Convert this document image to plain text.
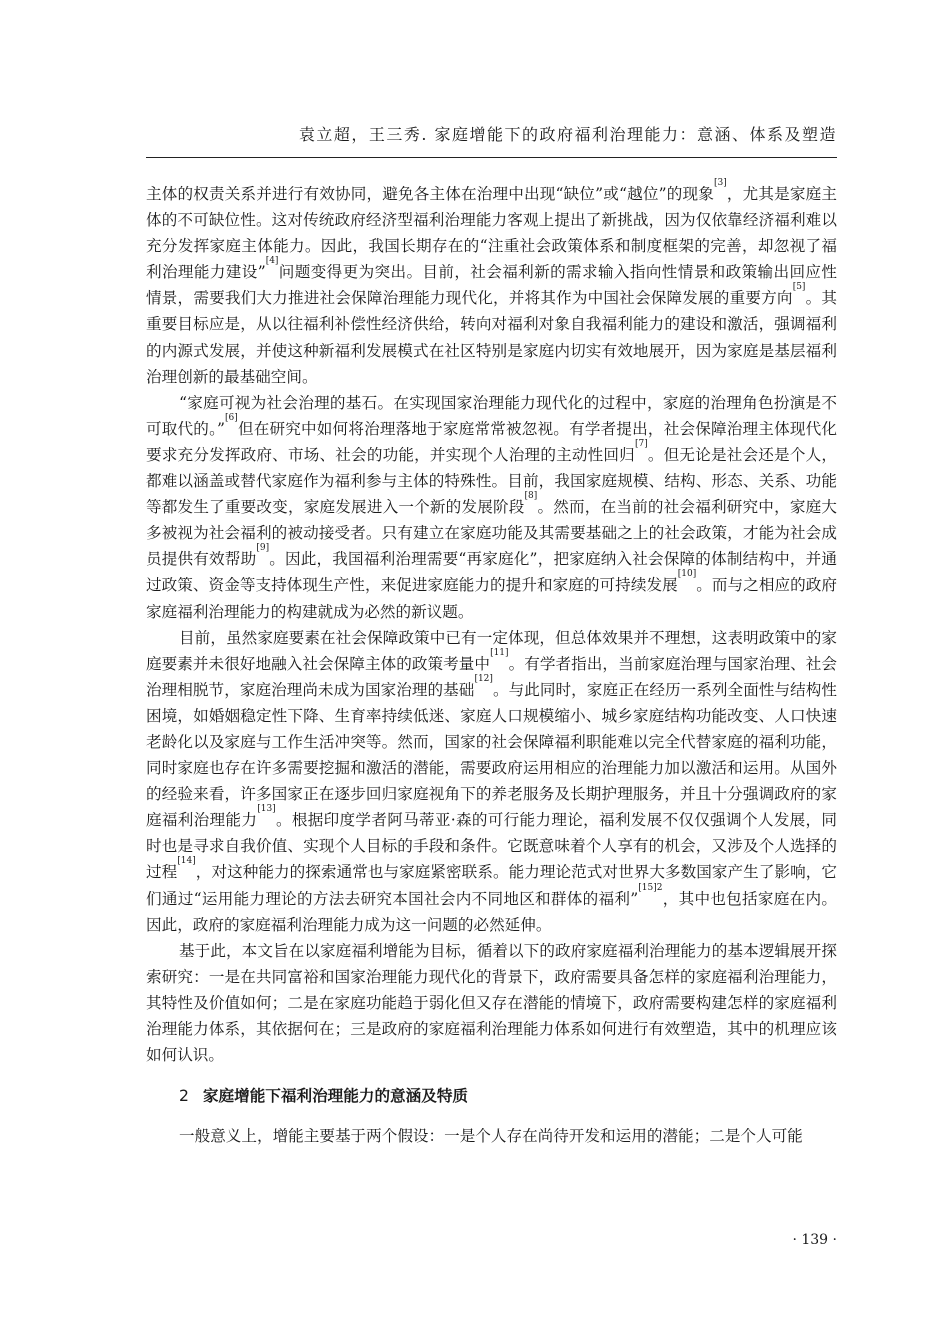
袁立超，王三秀. 家庭增能下的政府福利治理能力：意涵、体系及塑造

主体的权责关系并进行有效协同，避免各主体在治理中出现“缺位”或“越位”的现象[3]，尤其是家庭主体的不可缺位性。这对传统政府经济型福利治理能力客观上提出了新挑战，因为仅依靠经济福利难以充分发挥家庭主体能力。因此，我国长期存在的“注重社会政策体系和制度框架的完善，却忽视了福利治理能力建设”[4]问题变得更为突出。目前，社会福利新的需求输入指向性情景和政策输出回应性情景，需要我们大力推进社会保障治理能力现代化，并将其作为中国社会保障发展的重要方向[5]。其重要目标应是，从以往福利补偿性经济供给，转向对福利对象自我福利能力的建设和激活，强调福利的内源式发展，并使这种新福利发展模式在社区特别是家庭内切实有效地展开，因为家庭是基层福利治理创新的最基础空间。

“家庭可视为社会治理的基石。在实现国家治理能力现代化的过程中，家庭的治理角色扮演是不可取代的。”[6]但在研究中如何将治理落地于家庭常常被忽视。有学者提出，社会保障治理主体现代化要求充分发挥政府、市场、社会的功能，并实现个人治理的主动性回归[7]。但无论是社会还是个人，都难以涵盖或替代家庭作为福利参与主体的特殊性。目前，我国家庭规模、结构、形态、关系、功能等都发生了重要改变，家庭发展进入一个新的发展阶段[8]。然而，在当前的社会福利研究中，家庭大多被视为社会福利的被动接受者。只有建立在家庭功能及其需要基础之上的社会政策，才能为社会成员提供有效帮助[9]。因此，我国福利治理需要“再家庭化”，把家庭纳入社会保障的体制结构中，并通过政策、资金等支持体现生产性，来促进家庭能力的提升和家庭的可持续发展[10]。而与之相应的政府家庭福利治理能力的构建就成为必然的新议题。

目前，虽然家庭要素在社会保障政策中已有一定体现，但总体效果并不理想，这表明政策中的家庭要素并未很好地融入社会保障主体的政策考量中[11]。有学者指出，当前家庭治理与国家治理、社会治理相脱节，家庭治理尚未成为国家治理的基础[12]。与此同时，家庭正在经历一系列全面性与结构性困境，如婚姻稳定性下降、生育率持续低迷、家庭人口规模缩小、城乡家庭结构功能改变、人口快速老龄化以及家庭与工作生活冲突等。然而，国家的社会保障福利职能难以完全代替家庭的福利功能，同时家庭也存在许多需要挖掘和激活的潜能，需要政府运用相应的治理能力加以激活和运用。从国外的经验来看，许多国家正在逐步回归家庭视角下的养老服务及长期护理服务，并且十分强调政府的家庭福利治理能力[13]。根据印度学者阿马蒂亚·森的可行能力理论，福利发展不仅仅强调个人发展，同时也是寻求自我价值、实现个人目标的手段和条件。它既意味着个人享有的机会，又涉及个人选择的过程[14]，对这种能力的探索通常也与家庭紧密联系。能力理论范式对世界大多数国家产生了影响，它们通过“运用能力理论的方法去研究本国社会内不同地区和群体的福利”$^{[15]2}$，其中也包括家庭在内。因此，政府的家庭福利治理能力成为这一问题的必然延伸。

基于此，本文旨在以家庭福利增能为目标，循着以下的政府家庭福利治理能力的基本逻辑展开探索研究：一是在共同富裕和国家治理能力现代化的背景下，政府需要具备怎样的家庭福利治理能力，其特性及价值如何；二是在家庭功能趋于弱化但又存在潜能的情境下，政府需要构建怎样的家庭福利治理能力体系，其依据何在；三是政府的家庭福利治理能力体系如何进行有效塑造，其中的机理应该如何认识。

2 家庭增能下福利治理能力的意涵及特质

一般意义上，增能主要基于两个假设：一是个人存在尚待开发和运用的潜能；二是个人可能

· 139 ·
